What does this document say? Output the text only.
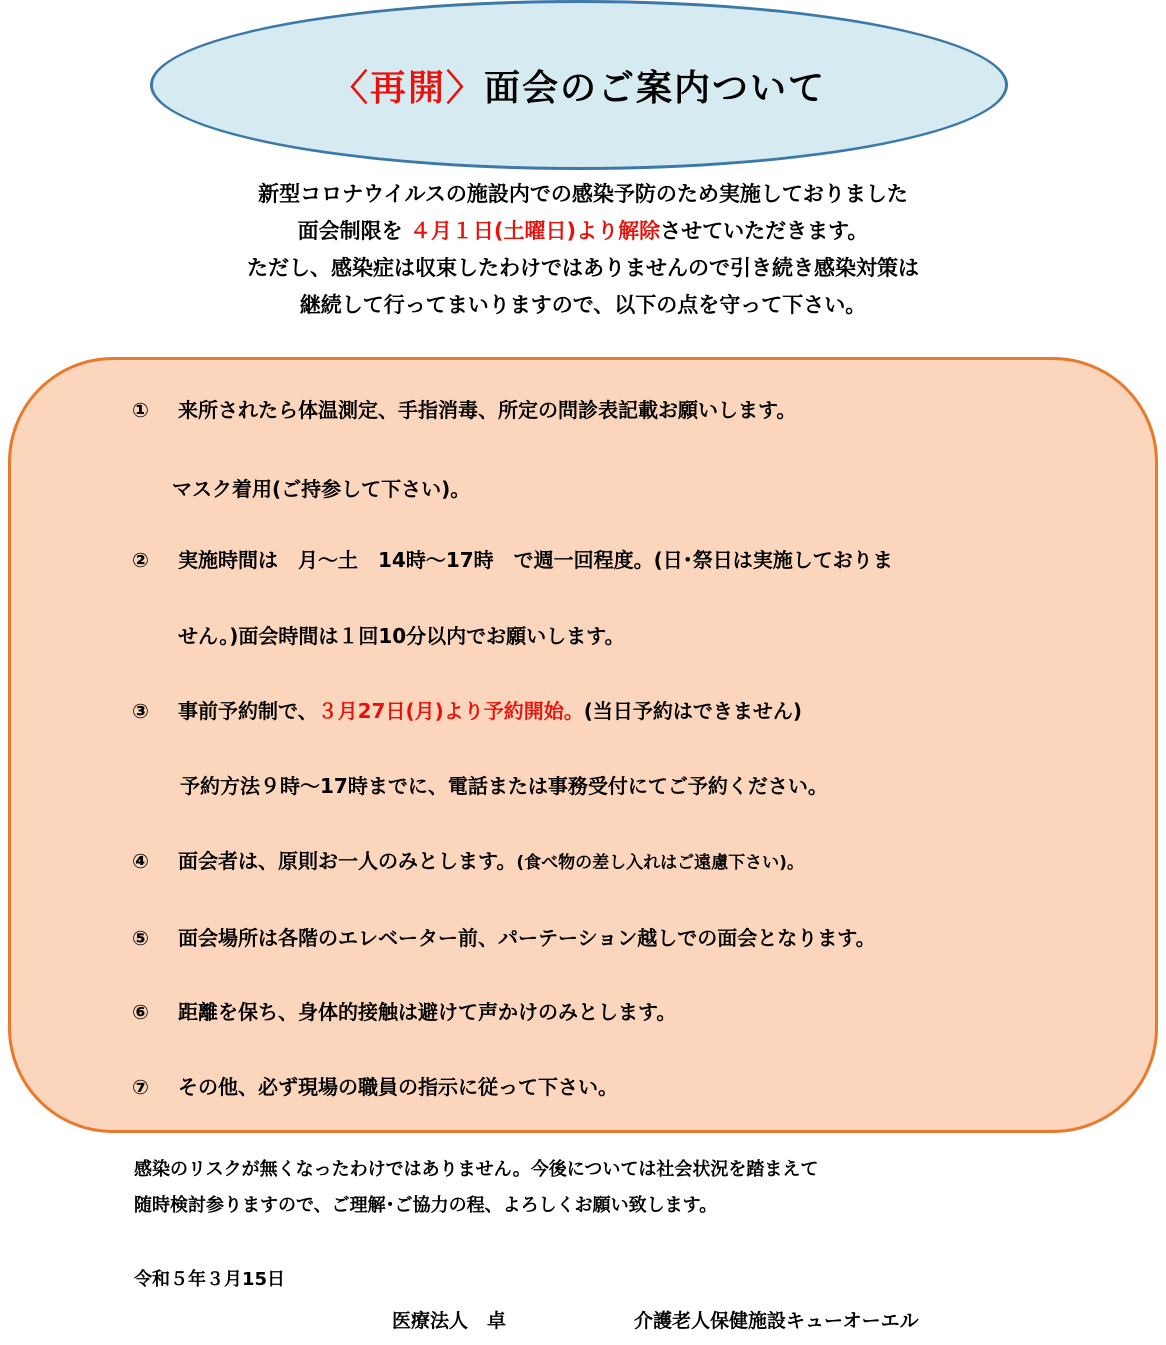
〈再開〉面会のご案内ついて
新型コロナウイルスの施設内での感染予防のため実施しておりました
面会制限を ４月１日(土曜日)より解除させていただきます。
ただし、感染症は収束したわけではありませんので引き続き感染対策は
継続して行ってまいりますので、以下の点を守って下さい。
① 来所されたら体温測定、手指消毒、所定の問診表記載お願いします。
マスク着用(ご持参して下さい)。
② 実施時間は　月～土　14時～17時　で週一回程度。(日･祭日は実施しておりま
せん。)面会時間は１回10分以内でお願いします。
③ 事前予約制で、３月27日(月)より予約開始。(当日予約はできません)
予約方法９時～17時までに、電話または事務受付にてご予約ください。
④ 面会者は、原則お一人のみとします。(食べ物の差し入れはご遠慮下さい)。
⑤ 面会場所は各階のエレベーター前、パーテーション越しでの面会となります。
⑥ 距離を保ち、身体的接触は避けて声かけのみとします。
⑦ その他、必ず現場の職員の指示に従って下さい。
感染のリスクが無くなったわけではありません。今後については社会状況を踏まえて
随時検討参りますので、ご理解･ご協力の程、よろしくお願い致します。
令和５年３月15日
医療法人　卓	介護老人保健施設キューオーエル
